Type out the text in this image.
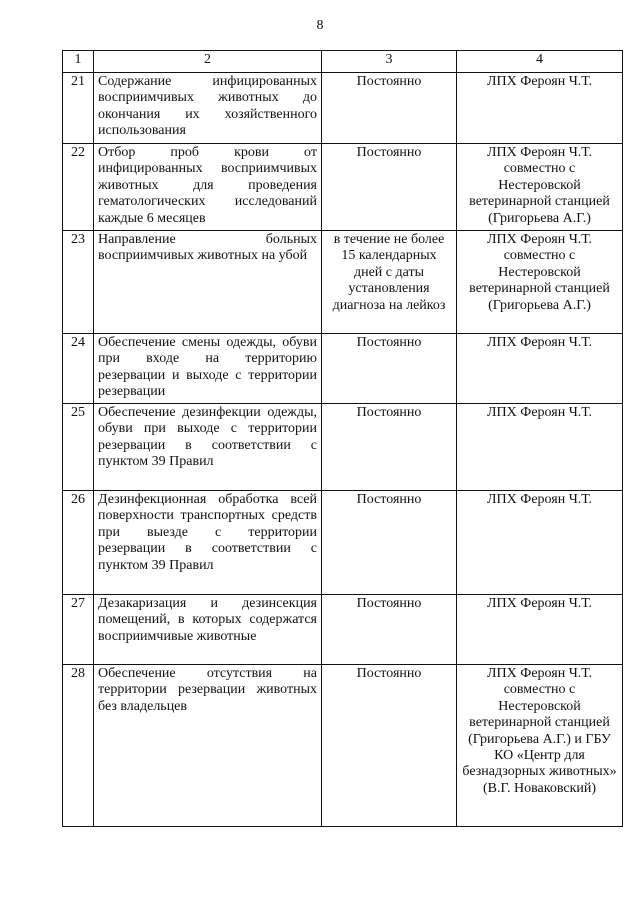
8
1	2	3	4
21	Содержание инфицированных восприимчивых животных до окончания их хозяйственного использования	Постоянно	ЛПХ Фероян Ч.Т.
22	Отбор проб крови от инфицированных восприимчивых животных для проведения гематологических исследований каждые 6 месяцев	Постоянно	ЛПХ Фероян Ч.Т. совместно с Нестеровской ветеринарной станцией (Григорьева А.Г.)
23	Направление больных восприимчивых животных на убой	в течение не более 15 календарных дней с даты установления диагноза на лейкоз	ЛПХ Фероян Ч.Т. совместно с Нестеровской ветеринарной станцией (Григорьева А.Г.)
24	Обеспечение смены одежды, обуви при входе на территорию резервации и выходе с территории резервации	Постоянно	ЛПХ Фероян Ч.Т.
25	Обеспечение дезинфекции одежды, обуви при выходе с территории резервации в соответствии с пунктом 39 Правил	Постоянно	ЛПХ Фероян Ч.Т.
26	Дезинфекционная обработка всей поверхности транспортных средств при выезде с территории резервации в соответствии с пунктом 39 Правил	Постоянно	ЛПХ Фероян Ч.Т.
27	Дезакаризация и дезинсекция помещений, в которых содержатся восприимчивые животные	Постоянно	ЛПХ Фероян Ч.Т.
28	Обеспечение отсутствия на территории резервации животных без владельцев	Постоянно	ЛПХ Фероян Ч.Т. совместно с Нестеровской ветеринарной станцией (Григорьева А.Г.) и ГБУ КО «Центр для безнадзорных животных» (В.Г. Новаковский)
